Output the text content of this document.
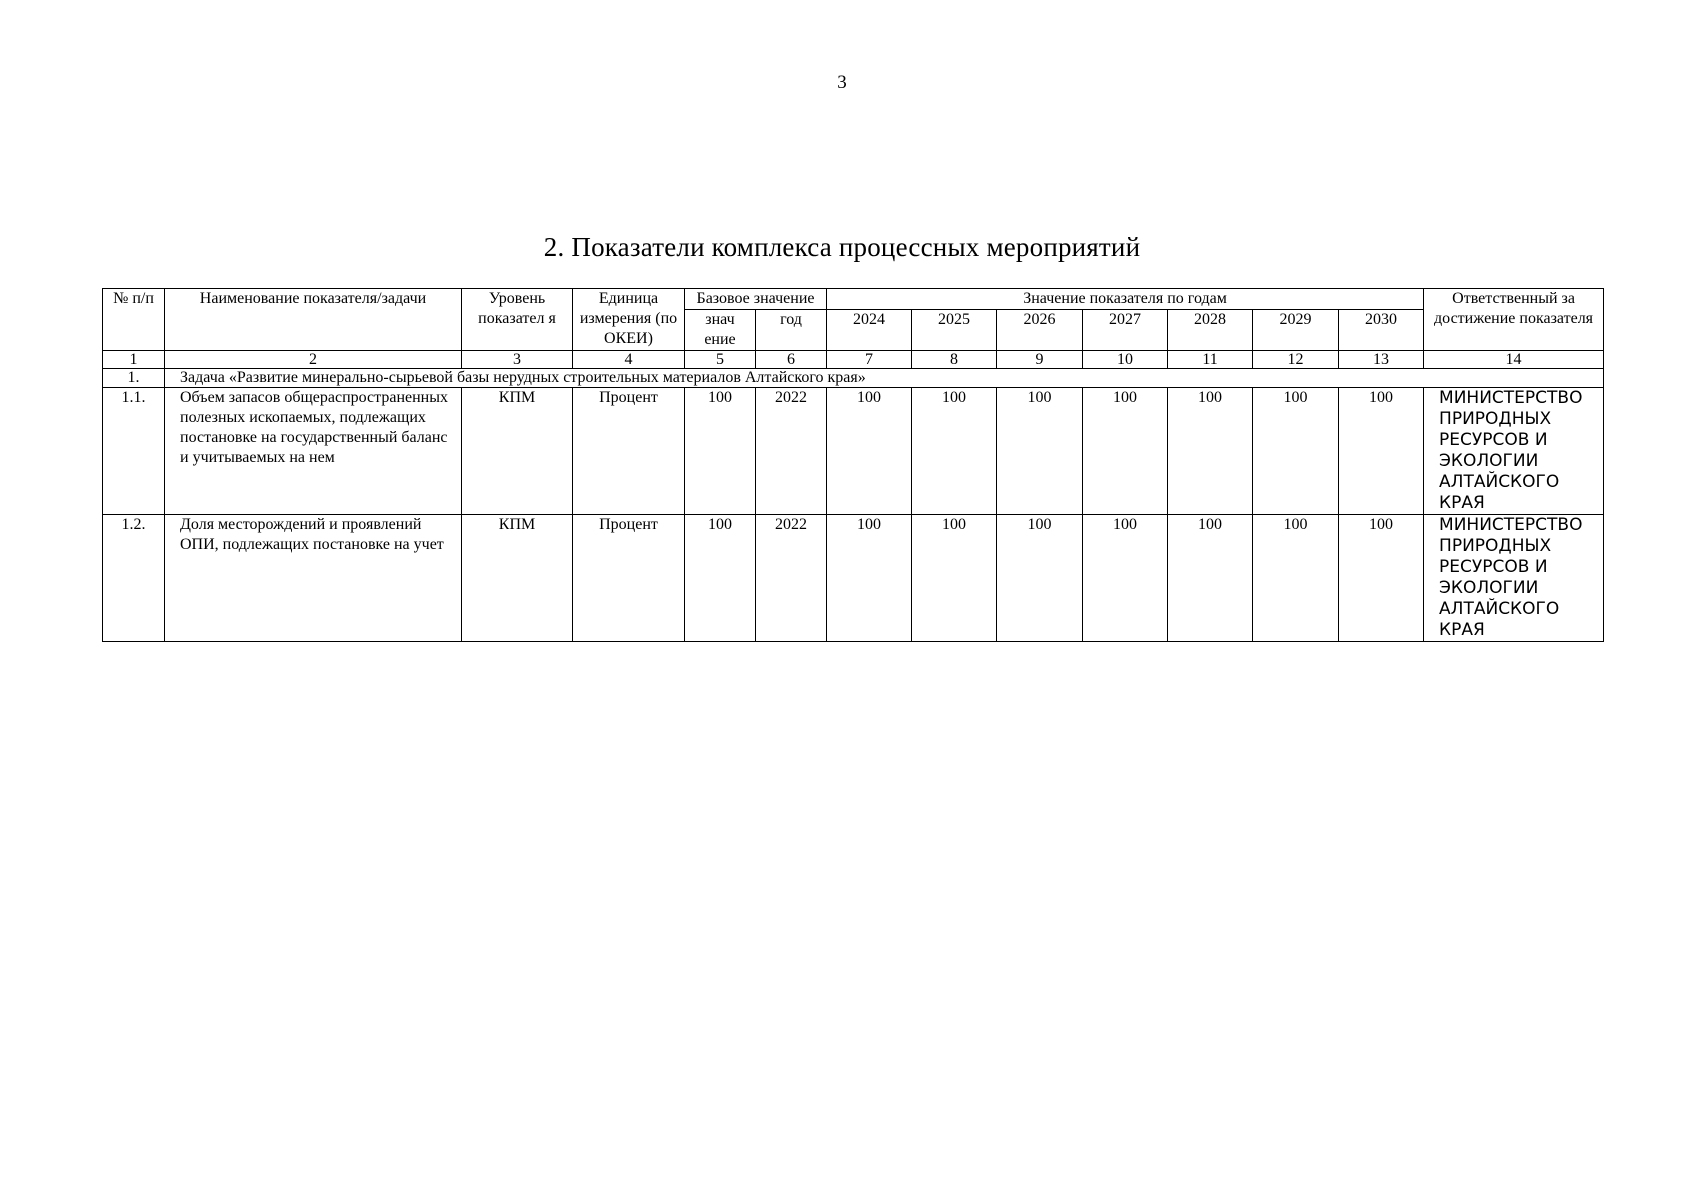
3
2. Показатели комплекса процессных мероприятий
№ п/п	Наименование показателя/задачи	Уровень показател я	Единица измерения (по ОКЕИ)	Базовое значение		Значение показателя по годам							Ответственный за достижение показателя
				знач ение	год	2024	2025	2026	2027	2028	2029	2030	
1	2	3	4	5	6	7	8	9	10	11	12	13	14
1.	Задача «Развитие минерально-сырьевой базы нерудных строительных материалов Алтайского края»												
1.1.	Объем запасов общераспространенных полезных ископаемых, подлежащих постановке на государственный баланс и учитываемых на нем	КПМ	Процент	100	2022	100	100	100	100	100	100	100	МИНИСТЕРСТВО ПРИРОДНЫХ РЕСУРСОВ И ЭКОЛОГИИ АЛТАЙСКОГО КРАЯ
1.2.	Доля месторождений и проявлений ОПИ, подлежащих постановке на учет	КПМ	Процент	100	2022	100	100	100	100	100	100	100	МИНИСТЕРСТВО ПРИРОДНЫХ РЕСУРСОВ И ЭКОЛОГИИ АЛТАЙСКОГО КРАЯ
